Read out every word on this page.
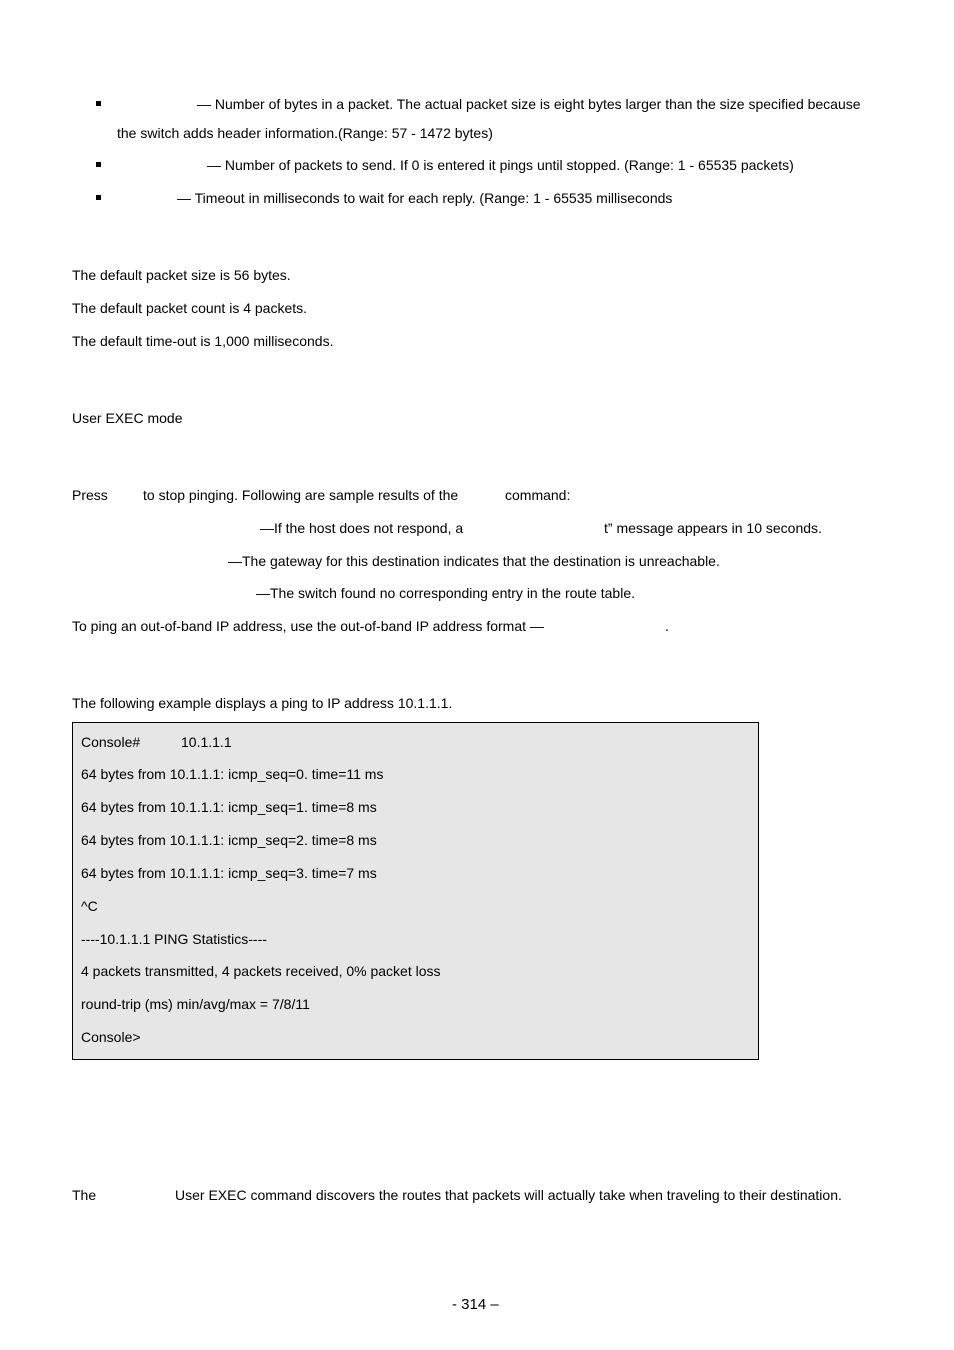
— Number of bytes in a packet. The actual packet size is eight bytes larger than the size specified because
the switch adds header information.(Range: 57 - 1472 bytes)
— Number of packets to send. If 0 is entered it pings until stopped. (Range: 1 - 65535 packets)
— Timeout in milliseconds to wait for each reply. (Range: 1 - 65535 milliseconds
The default packet size is 56 bytes.
The default packet count is 4 packets.
The default time-out is 1,000 milliseconds.
User EXEC mode
Press	to stop pinging. Following are sample results of the	command:
—If the host does not respond, a	t” message appears in 10 seconds.
—The gateway for this destination indicates that the destination is unreachable.
—The switch found no corresponding entry in the route table.
To ping an out-of-band IP address, use the out-of-band IP address format —	.
The following example displays a ping to IP address 10.1.1.1.
Console#	10.1.1.1
64 bytes from 10.1.1.1: icmp_seq=0. time=11 ms
64 bytes from 10.1.1.1: icmp_seq=1. time=8 ms
64 bytes from 10.1.1.1: icmp_seq=2. time=8 ms
64 bytes from 10.1.1.1: icmp_seq=3. time=7 ms
^C
----10.1.1.1 PING Statistics----
4 packets transmitted, 4 packets received, 0% packet loss
round-trip (ms) min/avg/max = 7/8/11
Console>
The	User EXEC command discovers the routes that packets will actually take when traveling to their destination.
- 314 –
